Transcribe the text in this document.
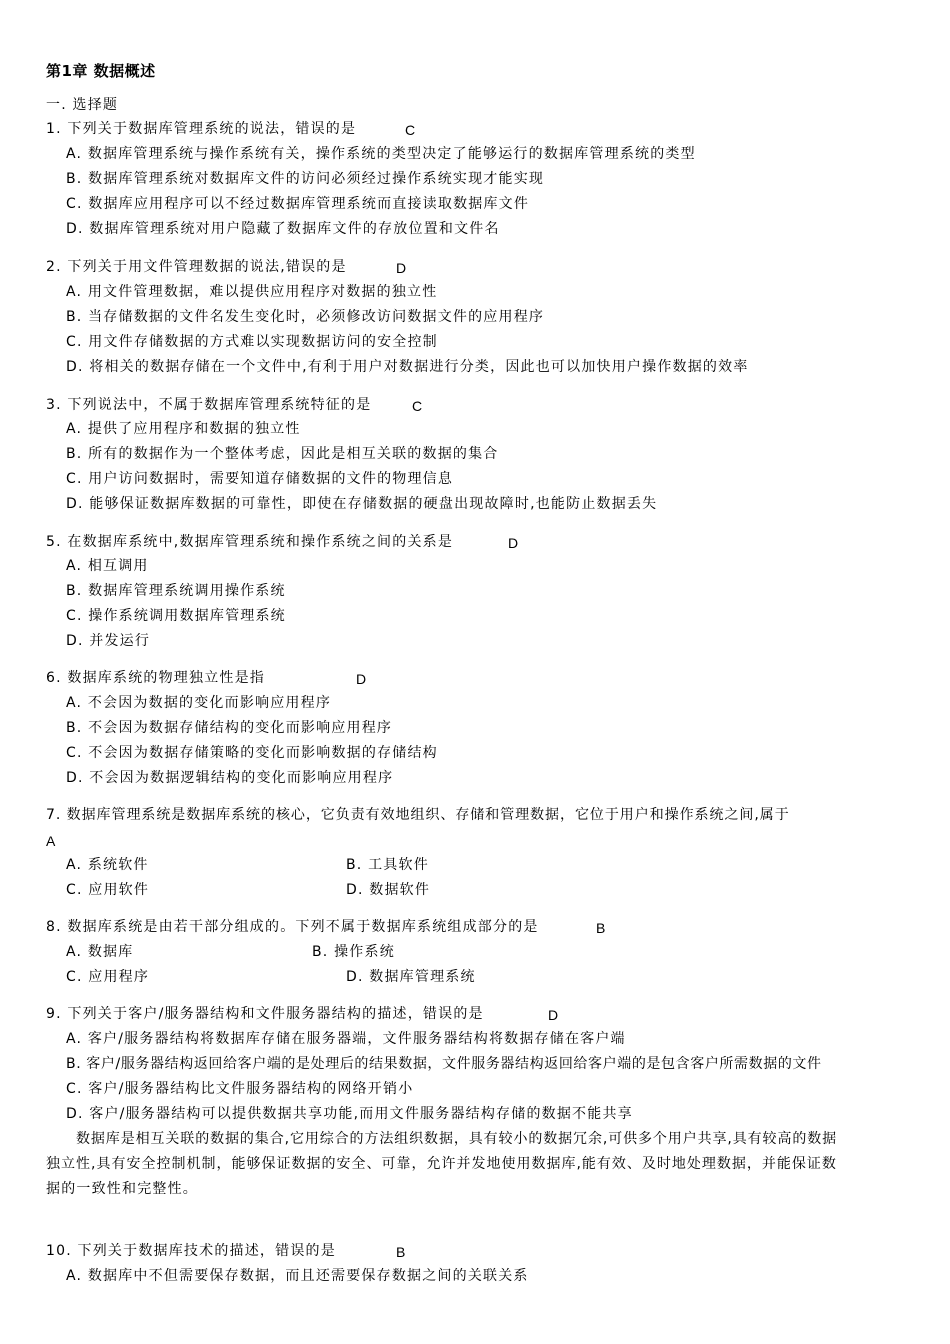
第1章 数据概述
一. 选择题
1. 下列关于数据库管理系统的说法，错误的是	C
A. 数据库管理系统与操作系统有关，操作系统的类型决定了能够运行的数据库管理系统的类型
B. 数据库管理系统对数据库文件的访问必须经过操作系统实现才能实现
C. 数据库应用程序可以不经过数据库管理系统而直接读取数据库文件
D. 数据库管理系统对用户隐藏了数据库文件的存放位置和文件名
2. 下列关于用文件管理数据的说法,错误的是	D
A. 用文件管理数据，难以提供应用程序对数据的独立性
B. 当存储数据的文件名发生变化时，必须修改访问数据文件的应用程序
C. 用文件存储数据的方式难以实现数据访问的安全控制
D. 将相关的数据存储在一个文件中,有利于用户对数据进行分类，因此也可以加快用户操作数据的效率
3. 下列说法中，不属于数据库管理系统特征的是	C
A. 提供了应用程序和数据的独立性
B. 所有的数据作为一个整体考虑，因此是相互关联的数据的集合
C. 用户访问数据时，需要知道存储数据的文件的物理信息
D. 能够保证数据库数据的可靠性，即使在存储数据的硬盘出现故障时,也能防止数据丢失
5. 在数据库系统中,数据库管理系统和操作系统之间的关系是	D
A. 相互调用
B. 数据库管理系统调用操作系统
C. 操作系统调用数据库管理系统
D. 并发运行
6. 数据库系统的物理独立性是指	D
A. 不会因为数据的变化而影响应用程序
B. 不会因为数据存储结构的变化而影响应用程序
C. 不会因为数据存储策略的变化而影响数据的存储结构
D. 不会因为数据逻辑结构的变化而影响应用程序
7. 数据库管理系统是数据库系统的核心，它负责有效地组织、存储和管理数据，它位于用户和操作系统之间,属于
A
A. 系统软件	B. 工具软件
C. 应用软件	D. 数据软件
8. 数据库系统是由若干部分组成的。下列不属于数据库系统组成部分的是	B
A. 数据库	B. 操作系统
C. 应用程序	D. 数据库管理系统
9. 下列关于客户/服务器结构和文件服务器结构的描述，错误的是	D
A. 客户/服务器结构将数据库存储在服务器端，文件服务器结构将数据存储在客户端
B. 客户/服务器结构返回给客户端的是处理后的结果数据，文件服务器结构返回给客户端的是包含客户所需数据的文件
C. 客户/服务器结构比文件服务器结构的网络开销小
D. 客户/服务器结构可以提供数据共享功能,而用文件服务器结构存储的数据不能共享
数据库是相互关联的数据的集合,它用综合的方法组织数据，具有较小的数据冗余,可供多个用户共享,具有较高的数据
独立性,具有安全控制机制，能够保证数据的安全、可靠，允许并发地使用数据库,能有效、及时地处理数据，并能保证数
据的一致性和完整性。
10. 下列关于数据库技术的描述，错误的是	B
A. 数据库中不但需要保存数据，而且还需要保存数据之间的关联关系
